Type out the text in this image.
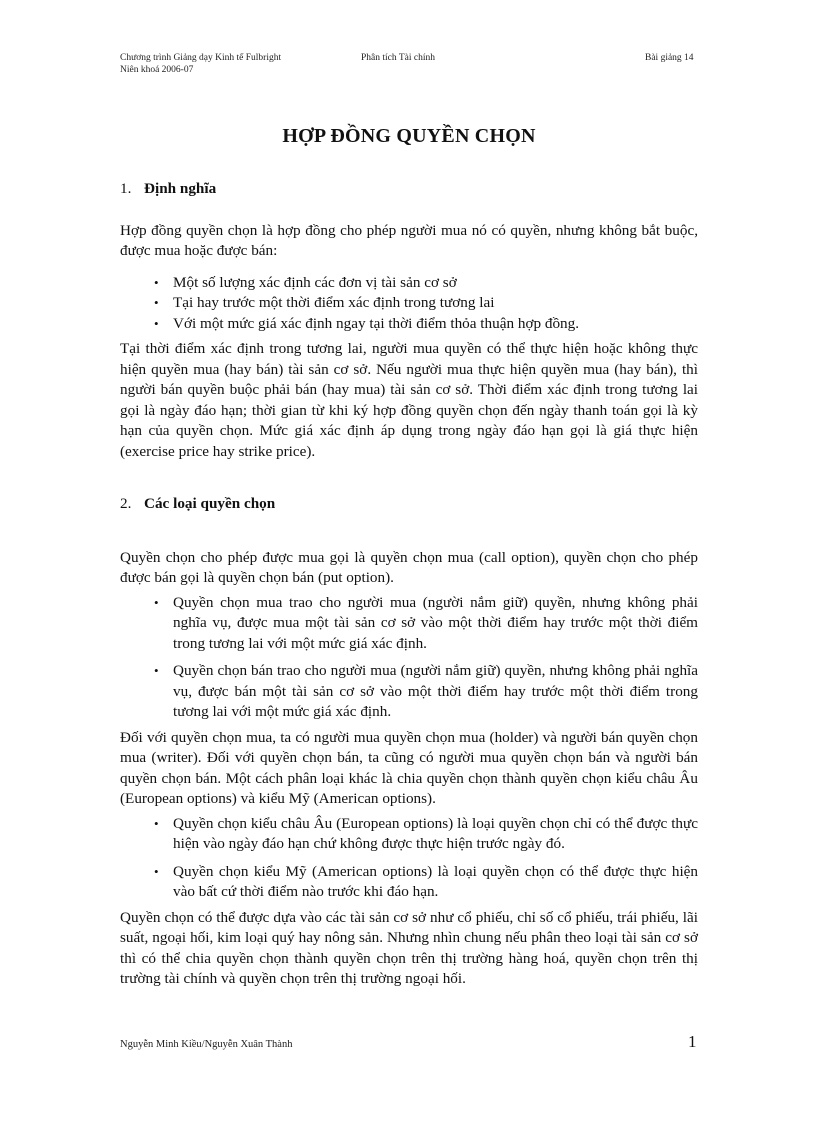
Chương trình Giảng dạy Kinh tế Fulbright
Niên khoá 2006-07
Phân tích Tài chính	Bài giảng 14
HỢP ĐỒNG QUYỀN CHỌN
1. Định nghĩa

Hợp đồng quyền chọn là hợp đồng cho phép người mua nó có quyền, nhưng không bắt buộc, được mua hoặc được bán:

• Một số lượng xác định các đơn vị tài sản cơ sở
• Tại hay trước một thời điểm xác định trong tương lai
• Với một mức giá xác định ngay tại thời điểm thỏa thuận hợp đồng.

Tại thời điểm xác định trong tương lai, người mua quyền có thể thực hiện hoặc không thực hiện quyền mua (hay bán) tài sản cơ sở. Nếu người mua thực hiện quyền mua (hay bán), thì người bán quyền buộc phải bán (hay mua) tài sản cơ sở. Thời điểm xác định trong tương lai gọi là ngày đáo hạn; thời gian từ khi ký hợp đồng quyền chọn đến ngày thanh toán gọi là kỳ hạn của quyền chọn. Mức giá xác định áp dụng trong ngày đáo hạn gọi là giá thực hiện (exercise price hay strike price).

2. Các loại quyền chọn

Quyền chọn cho phép được mua gọi là quyền chọn mua (call option), quyền chọn cho phép được bán gọi là quyền chọn bán (put option).

• Quyền chọn mua trao cho người mua (người nắm giữ) quyền, nhưng không phải nghĩa vụ, được mua một tài sản cơ sở vào một thời điểm hay trước một thời điểm trong tương lai với một mức giá xác định.
• Quyền chọn bán trao cho người mua (người nắm giữ) quyền, nhưng không phải nghĩa vụ, được bán một tài sản cơ sở vào một thời điểm hay trước một thời điểm trong tương lai với một mức giá xác định.

Đối với quyền chọn mua, ta có người mua quyền chọn mua (holder) và người bán quyền chọn mua (writer). Đối với quyền chọn bán, ta cũng có người mua quyền chọn bán và người bán quyền chọn bán. Một cách phân loại khác là chia quyền chọn thành quyền chọn kiểu châu Âu (European options) và kiểu Mỹ (American options).

• Quyền chọn kiểu châu Âu (European options) là loại quyền chọn chỉ có thể được thực hiện vào ngày đáo hạn chứ không được thực hiện trước ngày đó.
• Quyền chọn kiểu Mỹ (American options) là loại quyền chọn có thể được thực hiện vào bất cứ thời điểm nào trước khi đáo hạn.

Quyền chọn có thể được dựa vào các tài sản cơ sở như cổ phiếu, chỉ số cổ phiếu, trái phiếu, lãi suất, ngoại hối, kim loại quý hay nông sản. Nhưng nhìn chung nếu phân theo loại tài sản cơ sở thì có thể chia quyền chọn thành quyền chọn trên thị trường hàng hoá, quyền chọn trên thị trường tài chính và quyền chọn trên thị trường ngoại hối.

Nguyễn Minh Kiều/Nguyễn Xuân Thành	1
